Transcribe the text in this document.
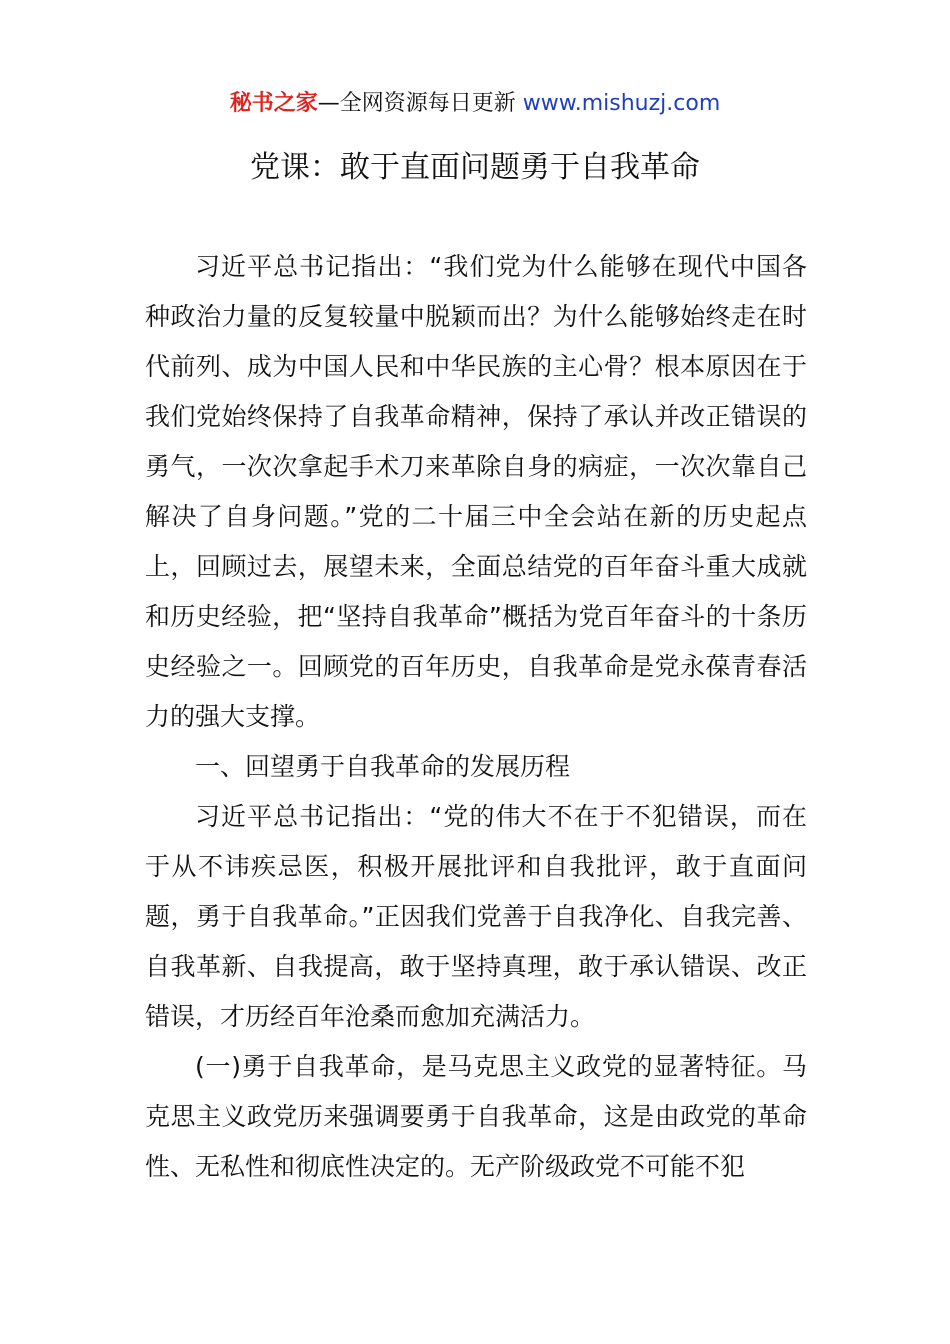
秘书之家—全网资源每日更新 www.mishuzj.com
党课：敢于直面问题勇于自我革命

习近平总书记指出：“我们党为什么能够在现代中国各种政治力量的反复较量中脱颖而出？为什么能够始终走在时代前列、成为中国人民和中华民族的主心骨？根本原因在于我们党始终保持了自我革命精神，保持了承认并改正错误的勇气，一次次拿起手术刀来革除自身的病症，一次次靠自己解决了自身问题。”党的二十届三中全会站在新的历史起点上，回顾过去，展望未来，全面总结党的百年奋斗重大成就和历史经验，把“坚持自我革命”概括为党百年奋斗的十条历史经验之一。回顾党的百年历史，自我革命是党永葆青春活力的强大支撑。

一、回望勇于自我革命的发展历程

习近平总书记指出：“党的伟大不在于不犯错误，而在于从不讳疾忌医，积极开展批评和自我批评，敢于直面问题，勇于自我革命。”正因我们党善于自我净化、自我完善、自我革新、自我提高，敢于坚持真理，敢于承认错误、改正错误，才历经百年沧桑而愈加充满活力。

(一)勇于自我革命，是马克思主义政党的显著特征。马克思主义政党历来强调要勇于自我革命，这是由政党的革命性、无私性和彻底性决定的。无产阶级政党不可能不犯
